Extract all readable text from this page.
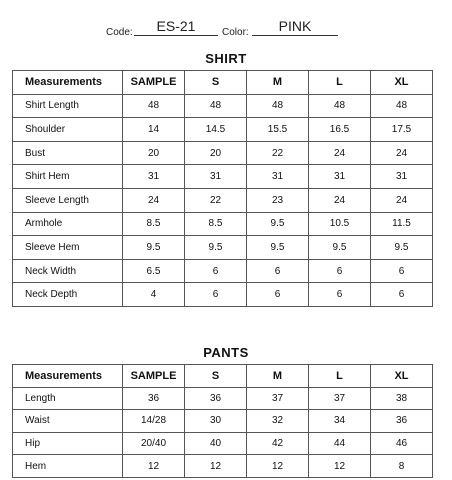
Code:	ES-21	Color:	PINK
SHIRT
Measurements	SAMPLE	S	M	L	XL
Shirt Length	48	48	48	48	48
Shoulder	14	14.5	15.5	16.5	17.5
Bust	20	20	22	24	24
Shirt Hem	31	31	31	31	31
Sleeve Length	24	22	23	24	24
Armhole	8.5	8.5	9.5	10.5	11.5
Sleeve Hem	9.5	9.5	9.5	9.5	9.5
Neck Width	6.5	6	6	6	6
Neck Depth	4	6	6	6	6
PANTS
Measurements	SAMPLE	S	M	L	XL
Length	36	36	37	37	38
Waist	14/28	30	32	34	36
Hip	20/40	40	42	44	46
Hem	12	12	12	12	8
